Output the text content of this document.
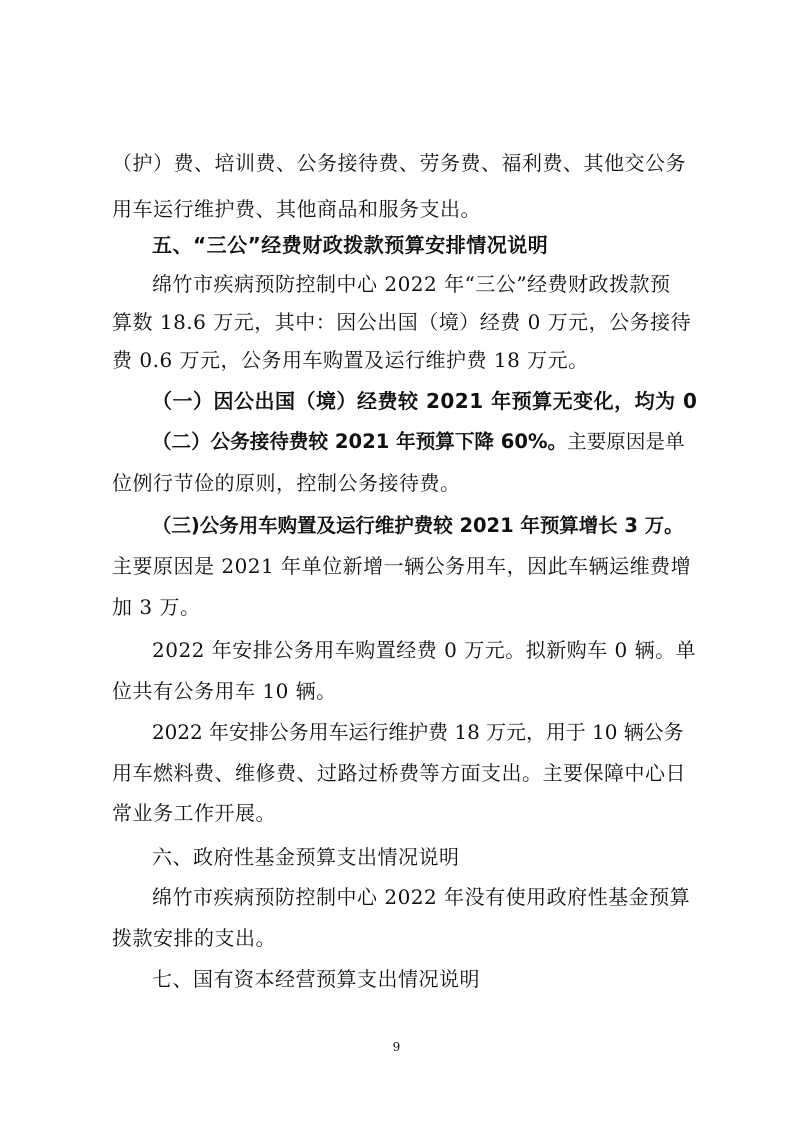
（护）费、培训费、公务接待费、劳务费、福利费、其他交公务
用车运行维护费、其他商品和服务支出。
五、“三公”经费财政拨款预算安排情况说明
绵竹市疾病预防控制中心 2022 年“三公”经费财政拨款预
算数 18.6 万元，其中：因公出国（境）经费 0 万元，公务接待
费 0.6 万元，公务用车购置及运行维护费 18 万元。
（一）因公出国（境）经费较 2021 年预算无变化，均为 0
（二）公务接待费较 2021 年预算下降 60%。主要原因是单
位例行节俭的原则，控制公务接待费。
（三)公务用车购置及运行维护费较 2021 年预算增长 3 万。
主要原因是 2021 年单位新增一辆公务用车，因此车辆运维费增
加 3 万。
2022 年安排公务用车购置经费 0 万元。拟新购车 0 辆。单
位共有公务用车 10 辆。
2022 年安排公务用车运行维护费 18 万元，用于 10 辆公务
用车燃料费、维修费、过路过桥费等方面支出。主要保障中心日
常业务工作开展。
六、政府性基金预算支出情况说明
绵竹市疾病预防控制中心 2022 年没有使用政府性基金预算
拨款安排的支出。
七、国有资本经营预算支出情况说明
9
